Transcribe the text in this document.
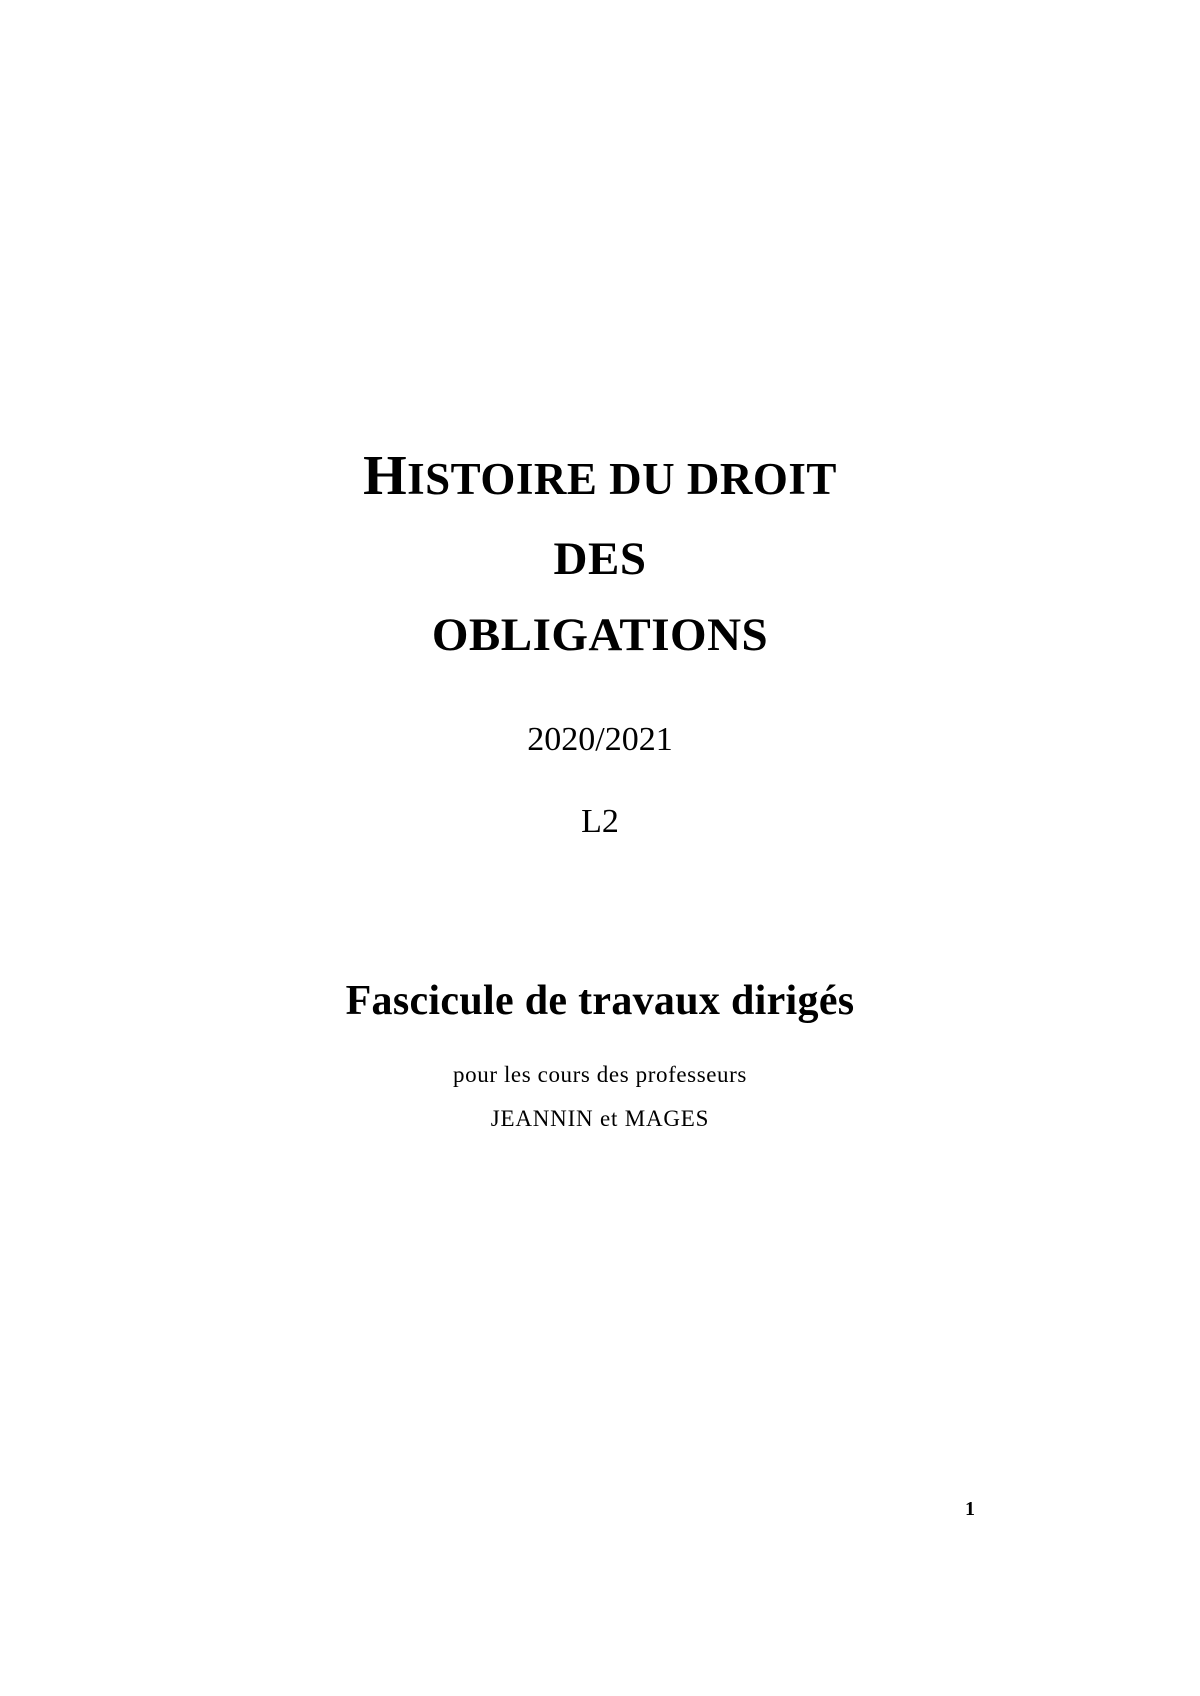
HISTOIRE DU DROIT
DES
OBLIGATIONS
2020/2021
L2
Fascicule de travaux dirigés
pour les cours des professeurs
JEANNIN et MAGES
1
